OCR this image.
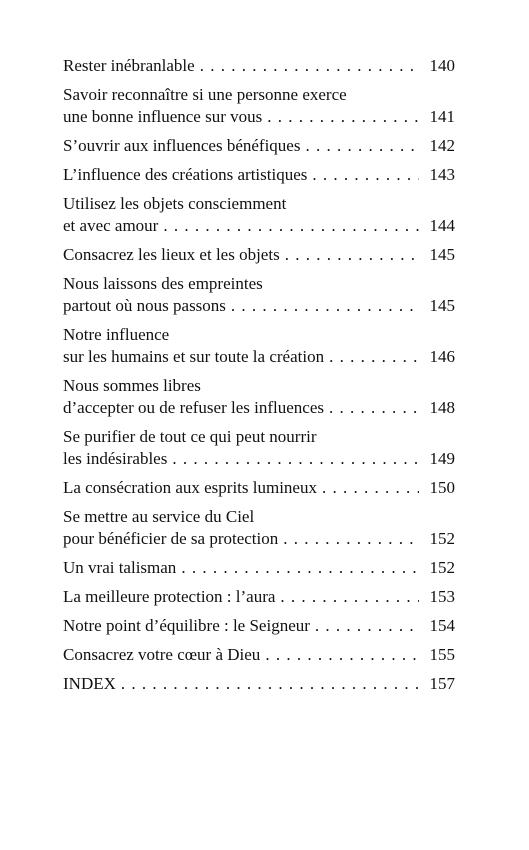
Rester inébranlable . . .	140
Savoir reconnaître si une personne exerce
une bonne influence sur vous . . .	141
S’ouvrir aux influences bénéfiques . . .	142
L’influence des créations artistiques . . .	143
Utilisez les objets consciemment
et avec amour . . .	144
Consacrez les lieux et les objets . . .	145
Nous laissons des empreintes
partout où nous passons . . .	145
Notre influence
sur les humains et sur toute la création . . .	146
Nous sommes libres
d’accepter ou de refuser les influences . . .	148
Se purifier de tout ce qui peut nourrir
les indésirables . . .	149
La consécration aux esprits lumineux . . .	150
Se mettre au service du Ciel
pour bénéficier de sa protection . . .	152
Un vrai talisman . . .	152
La meilleure protection : l’aura . . .	153
Notre point d’équilibre : le Seigneur . . .	154
Consacrez votre cœur à Dieu . . .	155
INDEX . . .	157
